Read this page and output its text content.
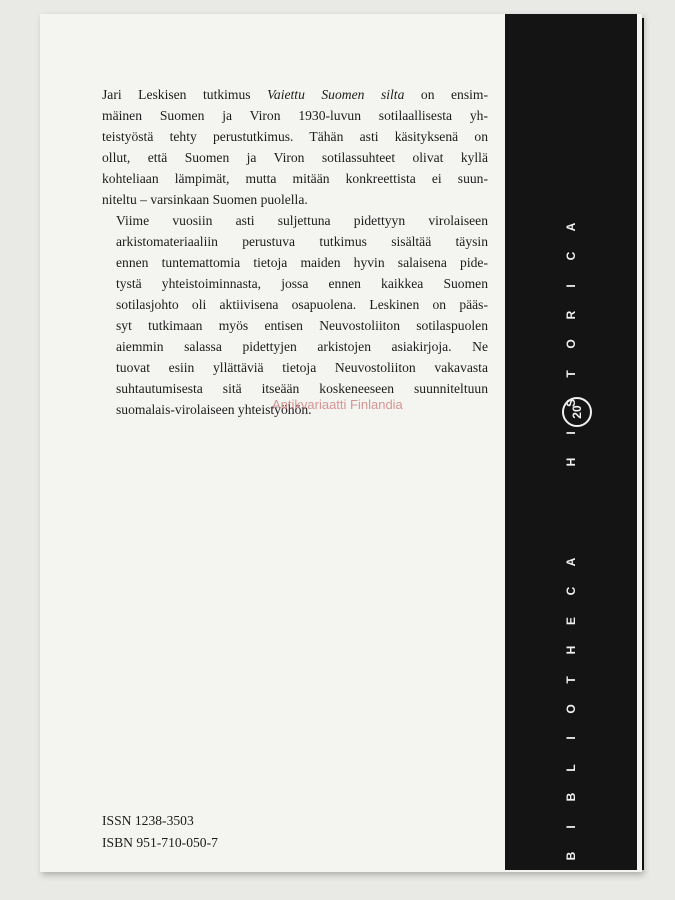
B
I
B
L
I
O
T
H
E
C
A
H
I
S
T
O
R
I
C
A
20

Jari Leskisen tutkimus Vaiettu Suomen silta on ensim-
mäinen Suomen ja Viron 1930-luvun sotilaallisesta yh-
teistyöstä tehty perustutkimus. Tähän asti käsityksenä on
ollut, että Suomen ja Viron sotilassuhteet olivat kyllä
kohteliaan lämpimät, mutta mitään konkreettista ei suun-
niteltu – varsinkaan Suomen puolella.

Viime vuosiin asti suljettuna pidettyyn virolaiseen
arkistomateriaaliin perustuva tutkimus sisältää täysin
ennen tuntemattomia tietoja maiden hyvin salaisena pide-
tystä yhteistoiminnasta, jossa ennen kaikkea Suomen
sotilasjohto oli aktiivisena osapuolena. Leskinen on pääs-
syt tutkimaan myös entisen Neuvostoliiton sotilaspuolen
aiemmin salassa pidettyjen arkistojen asiakirjoja. Ne
tuovat esiin yllättäviä tietoja Neuvostoliiton vakavasta
suhtautumisesta sitä itseään koskeneeseen suunniteltuun
suomalais-virolaiseen yhteistyöhön.

Antikvariaatti Finlandia
ISSN 1238-3503
ISBN 951-710-050-7
